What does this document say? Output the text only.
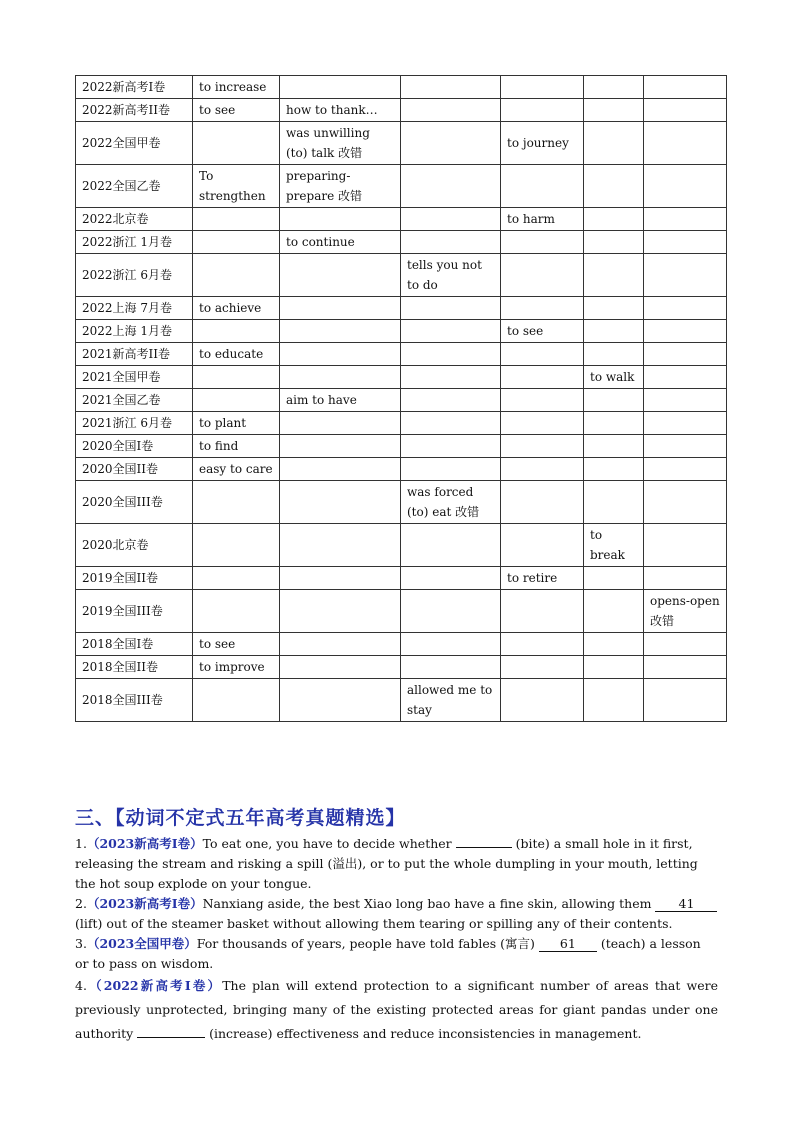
2022新高考I卷	to increase					
2022新高考II卷	to see	how to thank…				
2022全国甲卷		was unwilling (to) talk 改错		to journey		
2022全国乙卷	To strengthen	preparing-prepare 改错				
2022北京卷				to harm		
2022浙江 1月卷		to continue				
2022浙江 6月卷			tells you not to do			
2022上海 7月卷	to achieve					
2022上海 1月卷				to see		
2021新高考II卷	to educate					
2021全国甲卷					to walk	
2021全国乙卷		aim to have				
2021浙江 6月卷	to plant					
2020全国I卷	to find					
2020全国II卷	easy to care					
2020全国III卷			was forced (to) eat 改错			
2020北京卷					to break	
2019全国II卷				to retire		
2019全国III卷						opens-open 改错
2018全国I卷	to see					
2018全国II卷	to improve					
2018全国III卷			allowed me to stay			
三、【动词不定式五年高考真题精选】

1.（2023新高考I卷）To eat one, you have to decide whether	(bite) a small hole in it first, releasing the stream and risking a spill (溢出), or to put the whole dumpling in your mouth, letting the hot soup explode on your tongue.

2.（2023新高考I卷）Nanxiang aside, the best Xiao long bao have a fine skin, allowing them 41 (lift) out of the steamer basket without allowing them tearing or spilling any of their contents.

3.（2023全国甲卷）For thousands of years, people have told fables (寓言) 61 (teach) a lesson or to pass on wisdom.

4.（2022新高考I卷）The plan will extend protection to a significant number of areas that were previously unprotected, bringing many of the existing protected areas for giant pandas under one authority	(increase) effectiveness and reduce inconsistencies in management.
